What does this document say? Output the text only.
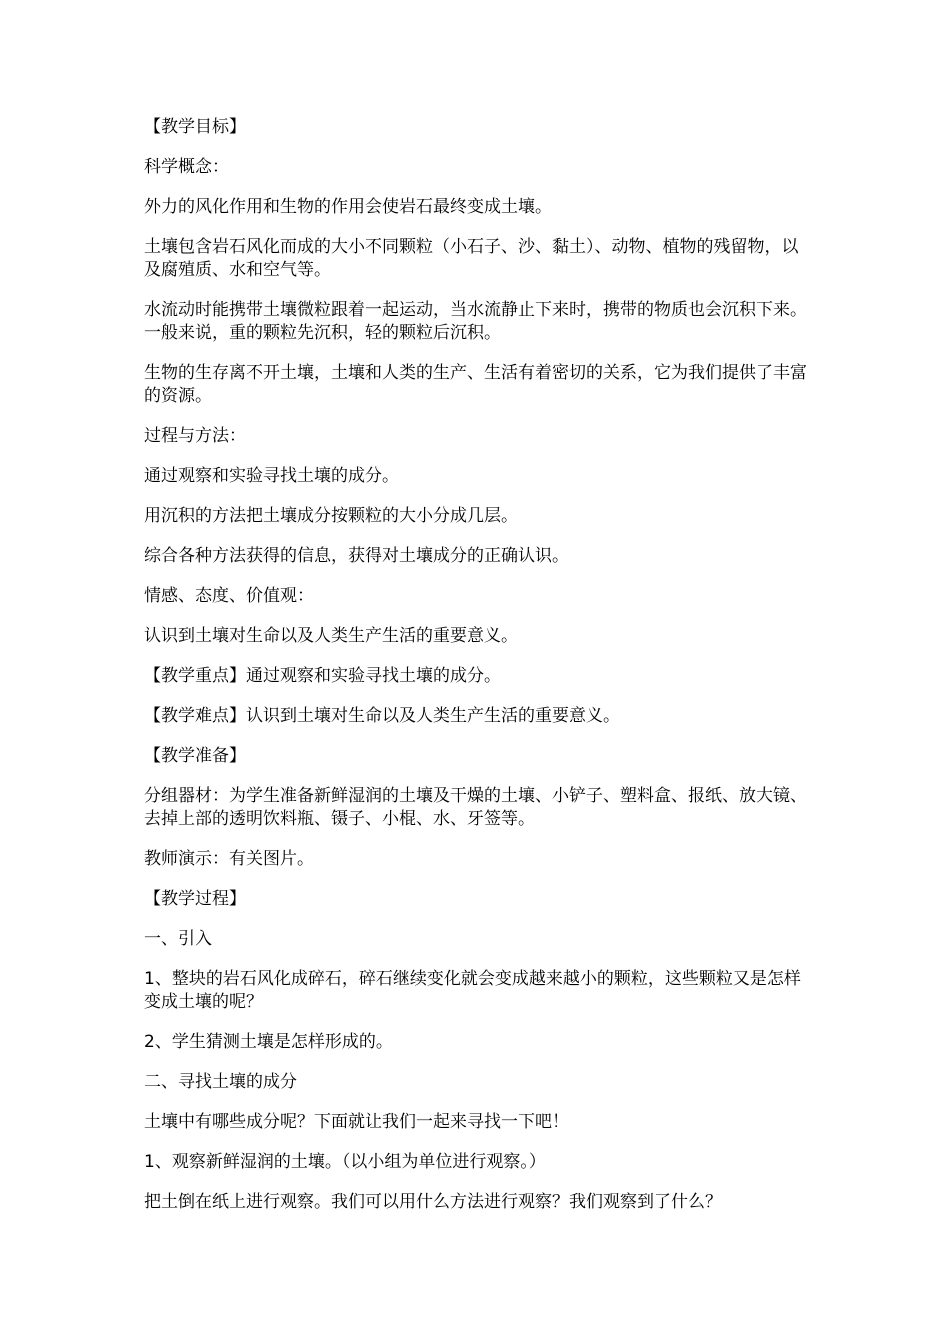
【教学目标】

科学概念：

外力的风化作用和生物的作用会使岩石最终变成土壤。

土壤包含岩石风化而成的大小不同颗粒（小石子、沙、黏土）、动物、植物的残留物，以及腐殖质、水和空气等。

水流动时能携带土壤微粒跟着一起运动，当水流静止下来时，携带的物质也会沉积下来。一般来说，重的颗粒先沉积，轻的颗粒后沉积。

生物的生存离不开土壤，土壤和人类的生产、生活有着密切的关系，它为我们提供了丰富的资源。

过程与方法：

通过观察和实验寻找土壤的成分。

用沉积的方法把土壤成分按颗粒的大小分成几层。

综合各种方法获得的信息，获得对土壤成分的正确认识。

情感、态度、价值观：

认识到土壤对生命以及人类生产生活的重要意义。

【教学重点】通过观察和实验寻找土壤的成分。

【教学难点】认识到土壤对生命以及人类生产生活的重要意义。

【教学准备】

分组器材：为学生准备新鲜湿润的土壤及干燥的土壤、小铲子、塑料盒、报纸、放大镜、去掉上部的透明饮料瓶、镊子、小棍、水、牙签等。

教师演示：有关图片。

【教学过程】

一、引入

1、整块的岩石风化成碎石，碎石继续变化就会变成越来越小的颗粒，这些颗粒又是怎样变成土壤的呢？

2、学生猜测土壤是怎样形成的。

二、寻找土壤的成分

土壤中有哪些成分呢？下面就让我们一起来寻找一下吧！

1、观察新鲜湿润的土壤。（以小组为单位进行观察。）

把土倒在纸上进行观察。我们可以用什么方法进行观察？我们观察到了什么？
